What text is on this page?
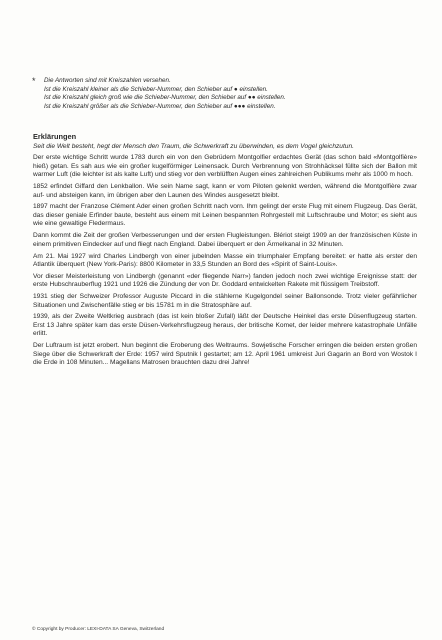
* Die Antworten sind mit Kreiszahlen versehen.
Ist die Kreiszahl kleiner als die Schieber-Nummer, den Schieber auf ● einstellen.
Ist die Kreiszahl gleich groß wie die Schieber-Nummer, den Schieber auf ●● einstellen.
Ist die Kreiszahl größer als die Schieber-Nummer, den Schieber auf ●●● einstellen.
Erklärungen

Seit die Welt besteht, hegt der Mensch den Traum, die Schwerkraft zu überwinden, es dem Vogel gleichzutun.

Der erste wichtige Schritt wurde 1783 durch ein von den Gebrüdern Montgolfier erdachtes Gerät (das schon bald «Montgolfière» hieß) getan. Es sah aus wie ein großer kugelförmiger Leinensack. Durch Verbrennung von Strohhäcksel füllte sich der Ballon mit warmer Luft (die leichter ist als kalte Luft) und stieg vor den verblüfften Augen eines zahlreichen Publikums mehr als 1000 m hoch.

1852 erfindet Giffard den Lenkballon. Wie sein Name sagt, kann er vom Piloten gelenkt werden, während die Montgolfière zwar auf- und absteigen kann, im übrigen aber den Launen des Windes ausgesetzt bleibt.

1897 macht der Franzose Clément Ader einen großen Schritt nach vorn. Ihm gelingt der erste Flug mit einem Flugzeug. Das Gerät, das dieser geniale Erfinder baute, besteht aus einem mit Leinen bespannten Rohrgestell mit Luftschraube und Motor; es sieht aus wie eine gewaltige Fledermaus.

Dann kommt die Zeit der großen Verbesserungen und der ersten Flugleistungen. Blériot steigt 1909 an der französischen Küste in einem primitiven Eindecker auf und fliegt nach England. Dabei überquert er den Ärmelkanal in 32 Minuten.

Am 21. Mai 1927 wird Charles Lindbergh von einer jubelnden Masse ein triumphaler Empfang bereitet: er hatte als erster den Atlantik überquert (New York-Paris): 8800 Kilometer in 33,5 Stunden an Bord des «Spirit of Saint-Louis».

Vor dieser Meisterleistung von Lindbergh (genannt «der fliegende Narr») fanden jedoch noch zwei wichtige Ereignisse statt: der erste Hubschrauberflug 1921 und 1926 die Zündung der von Dr. Goddard entwickelten Rakete mit flüssigem Treibstoff.

1931 stieg der Schweizer Professor Auguste Piccard in die stählerne Kugelgondel seiner Ballonsonde. Trotz vieler gefährlicher Situationen und Zwischenfälle stieg er bis 15781 m in die Stratosphäre auf.

1939, als der Zweite Weltkrieg ausbrach (das ist kein bloßer Zufall) läßt der Deutsche Heinkel das erste Düsenflugzeug starten. Erst 13 Jahre später kam das erste Düsen-Verkehrsflugzeug heraus, der britische Komet, der leider mehrere katastrophale Unfälle erlitt.

Der Luftraum ist jetzt erobert. Nun beginnt die Eroberung des Weltraums. Sowjetische Forscher erringen die beiden ersten großen Siege über die Schwerkraft der Erde: 1957 wird Sputnik I gestartet; am 12. April 1961 umkreist Juri Gagarin an Bord von Wostok I die Erde in 108 Minuten... Magellans Matrosen brauchten dazu drei Jahre!

© Copyright by Producer: LEXI-DATA SA Geneva, Switzerland
